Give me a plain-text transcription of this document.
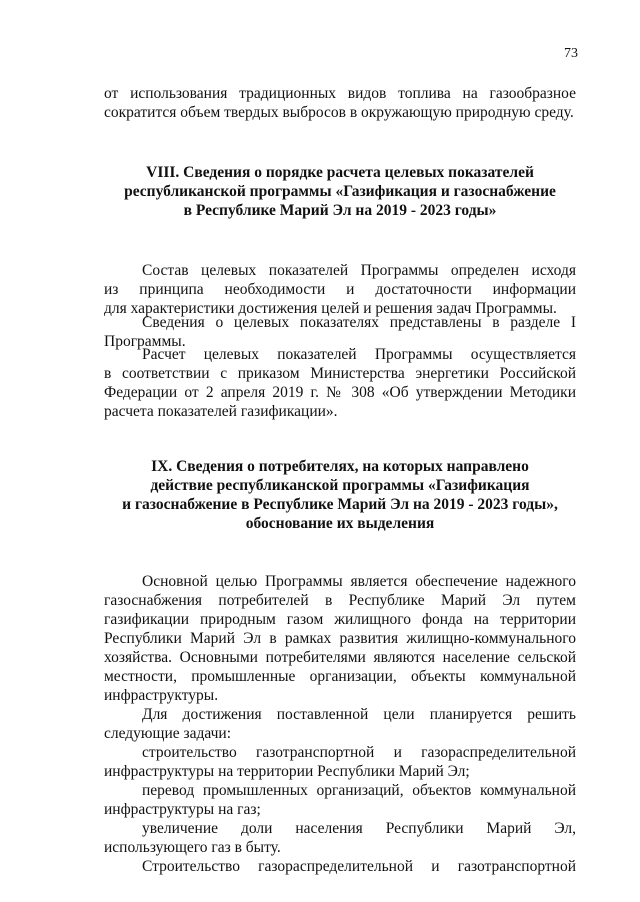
73
от использования традиционных видов топлива на газообразное
сократится объем твердых выбросов в окружающую природную среду.
VIII. Сведения о порядке расчета целевых показателей
республиканской программы «Газификация и газоснабжение
в Республике Марий Эл на 2019 - 2023 годы»
Состав целевых показателей Программы определен исходя
из принципа необходимости и достаточности информации
для характеристики достижения целей и решения задач Программы.
Сведения о целевых показателях представлены в разделе I
Программы.
Расчет целевых показателей Программы осуществляется
в соответствии с приказом Министерства энергетики Российской
Федерации от 2 апреля 2019 г. № 308 «Об утверждении Методики
расчета показателей газификации».
IX. Сведения о потребителях, на которых направлено
действие республиканской программы «Газификация
и газоснабжение в Республике Марий Эл на 2019 - 2023 годы»,
обоснование их выделения
Основной целью Программы является обеспечение надежного
газоснабжения потребителей в Республике Марий Эл путем
газификации природным газом жилищного фонда на территории
Республики Марий Эл в рамках развития жилищно-коммунального
хозяйства. Основными потребителями являются население сельской
местности, промышленные организации, объекты коммунальной
инфраструктуры.
Для достижения поставленной цели планируется решить
следующие задачи:
строительство газотранспортной и газораспределительной
инфраструктуры на территории Республики Марий Эл;
перевод промышленных организаций, объектов коммунальной
инфраструктуры на газ;
увеличение доли населения Республики Марий Эл,
использующего газ в быту.
Строительство газораспределительной и газотранспортной
